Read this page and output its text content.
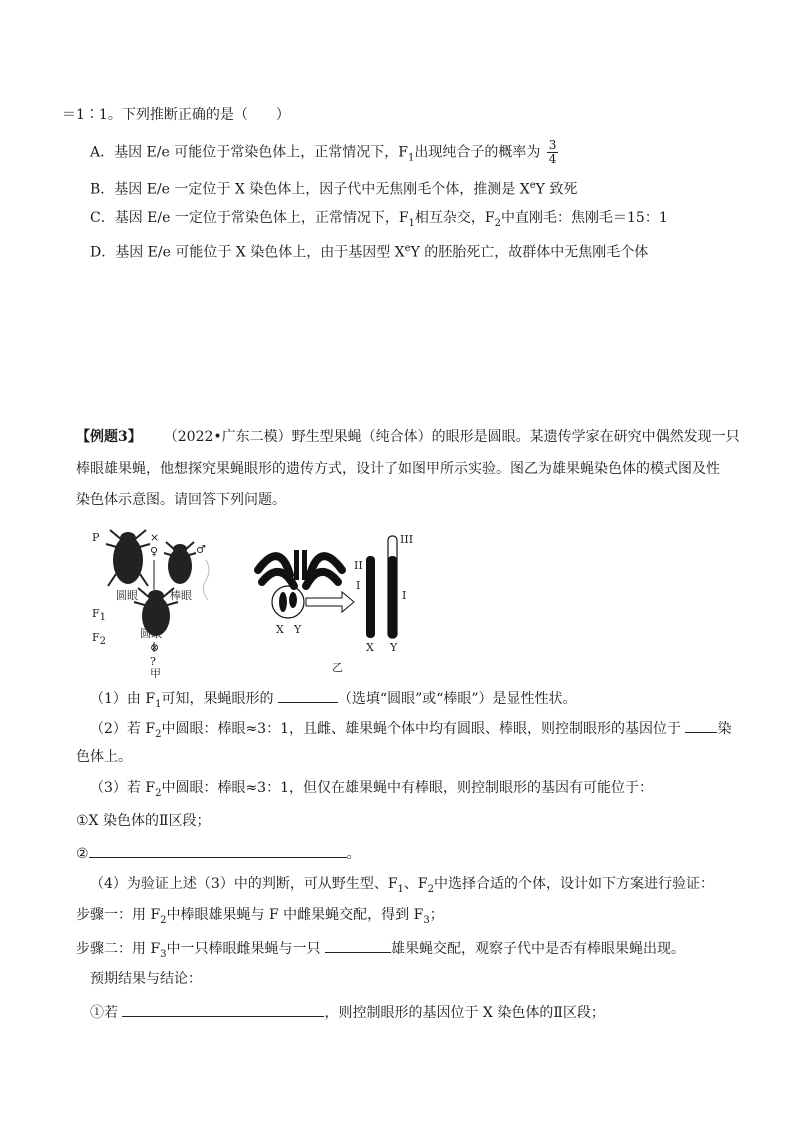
＝1∶1。下列推断正确的是（　　）
A．基因 E/e 可能位于常染色体上，正常情况下，$F_1$出现纯合子的概率为 $\frac{3}{4}$
B．基因 E/e 一定位于 X 染色体上，因子代中无焦刚毛个体，推测是 XeY 致死
C．基因 E/e 一定位于常染色体上，正常情况下，$F_1$相互杂交，$F_2$中直刚毛：焦刚毛＝15：1
D．基因 E/e 可能位于 X 染色体上，由于基因型 XeY 的胚胎死亡，故群体中无焦刚毛个体
【例题3】 （2022•广东二模）野生型果蝇（纯合体）的眼形是圆眼。某遗传学家在研究中偶然发现一只
棒眼雄果蝇，他想探究果蝇眼形的遗传方式，设计了如图甲所示实验。图乙为雄果蝇染色体的模式图及性
染色体示意图。请回答下列问题。
P	×
♀	♂
圆眼	棒眼
$F_1$
圆眼
⊗
$F_2$
?
甲
X Y
II
I
III
I
X Y
乙
（1）由 $F_1$可知，果蝇眼形的	（选填“圆眼”或“棒眼”）是显性性状。
（2）若 $F_2$中圆眼：棒眼≈3：1，且雌、雄果蝇个体中均有圆眼、棒眼，则控制眼形的基因位于 染
色体上。
（3）若 $F_2$中圆眼：棒眼≈3：1，但仅在雄果蝇中有棒眼，则控制眼形的基因有可能位于：
①X 染色体的Ⅱ区段；
②	。
（4）为验证上述（3）中的判断，可从野生型、$F_1$、$F_2$中选择合适的个体，设计如下方案进行验证：
步骤一：用 $F_2$中棒眼雄果蝇与 F 中雌果蝇交配，得到 $F_3$；
步骤二：用 $F_3$中一只棒眼雌果蝇与一只	雄果蝇交配，观察子代中是否有棒眼果蝇出现。
预期结果与结论：
①若	，则控制眼形的基因位于 X 染色体的Ⅱ区段；
